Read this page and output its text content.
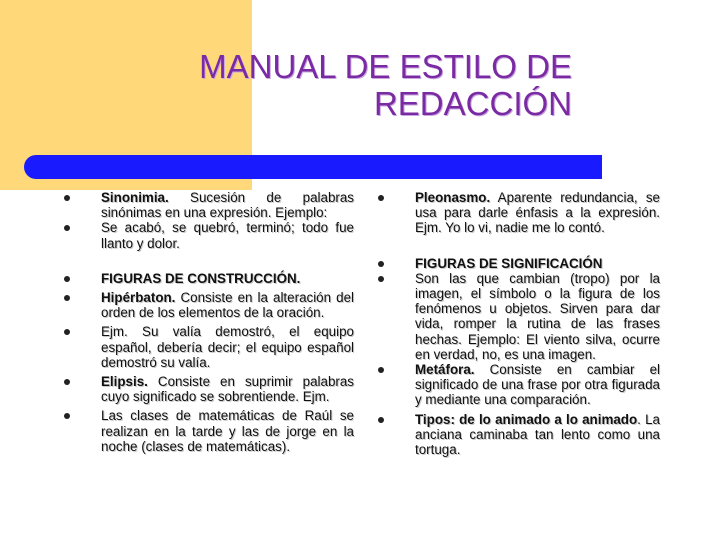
MANUAL DE ESTILO DE
REDACCIÓN
Sinonimia. Sucesión de palabras sinónimas en una expresión. Ejemplo:
Se acabó, se quebró, terminó; todo fue llanto y dolor.
FIGURAS DE CONSTRUCCIÓN.
Hipérbaton. Consiste en la alteración del orden de los elementos de la oración.
Ejm. Su valía demostró, el equipo español, debería decir; el equipo español demostró su valía.
Elipsis. Consiste en suprimir palabras cuyo significado se sobrentiende. Ejm.
Las clases de matemáticas de Raúl se realizan en la tarde y las de jorge en la noche (clases de matemáticas).
Pleonasmo. Aparente redundancia, se usa para darle énfasis a la expresión. Ejm. Yo lo vi, nadie me lo contó.
FIGURAS DE SIGNIFICACIÓN
Son las que cambian (tropo) por la imagen, el símbolo o la figura de los fenómenos u objetos. Sirven para dar vida, romper la rutina de las frases hechas. Ejemplo: El viento silva, ocurre en verdad, no, es una imagen.
Metáfora. Consiste en cambiar el significado de una frase por otra figurada y mediante una comparación.
Tipos: de lo animado a lo animado. La anciana caminaba tan lento como una tortuga.
